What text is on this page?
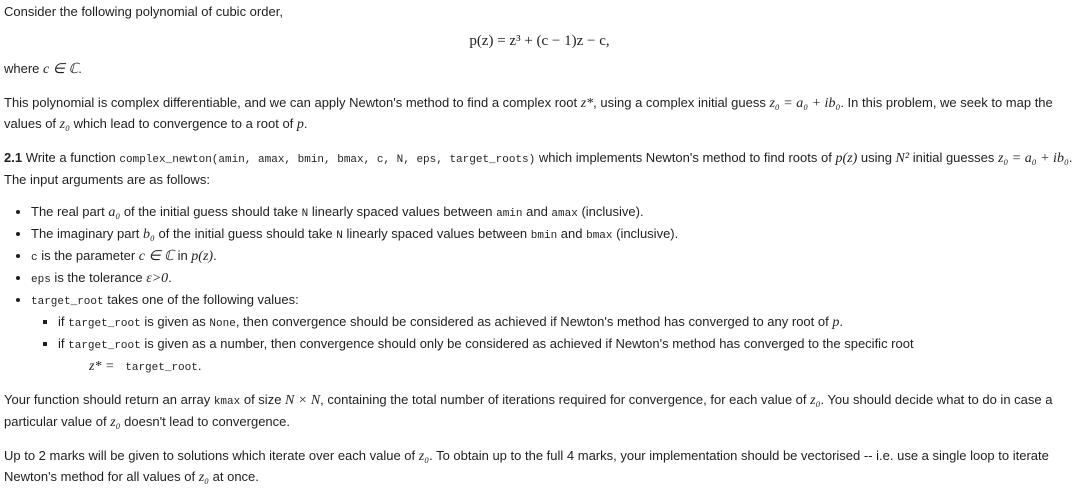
Consider the following polynomial of cubic order,

p(z) = z³ + (c − 1)z − c,

where c ∈ ℂ.

This polynomial is complex differentiable, and we can apply Newton's method to find a complex root z*, using a complex initial guess z₀ = a₀ + ib₀. In this problem, we seek to map the values of z₀ which lead to convergence to a root of p.

2.1 Write a function complex_newton(amin, amax, bmin, bmax, c, N, eps, target_roots) which implements Newton's method to find roots of p(z) using N² initial guesses z₀ = a₀ + ib₀. The input arguments are as follows:

• The real part a₀ of the initial guess should take N linearly spaced values between amin and amax (inclusive).
• The imaginary part b₀ of the initial guess should take N linearly spaced values between bmin and bmax (inclusive).
• c is the parameter c ∈ ℂ in p(z).
• eps is the tolerance ε>0.
• target_root takes one of the following values:
▪ if target_root is given as None, then convergence should be considered as achieved if Newton's method has converged to any root of p.
▪ if target_root is given as a number, then convergence should only be considered as achieved if Newton's method has converged to the specific root
z* = target_root.

Your function should return an array kmax of size N × N, containing the total number of iterations required for convergence, for each value of z₀. You should decide what to do in case a particular value of z₀ doesn't lead to convergence.

Up to 2 marks will be given to solutions which iterate over each value of z₀. To obtain up to the full 4 marks, your implementation should be vectorised -- i.e. use a single loop to iterate Newton's method for all values of z₀ at once.
